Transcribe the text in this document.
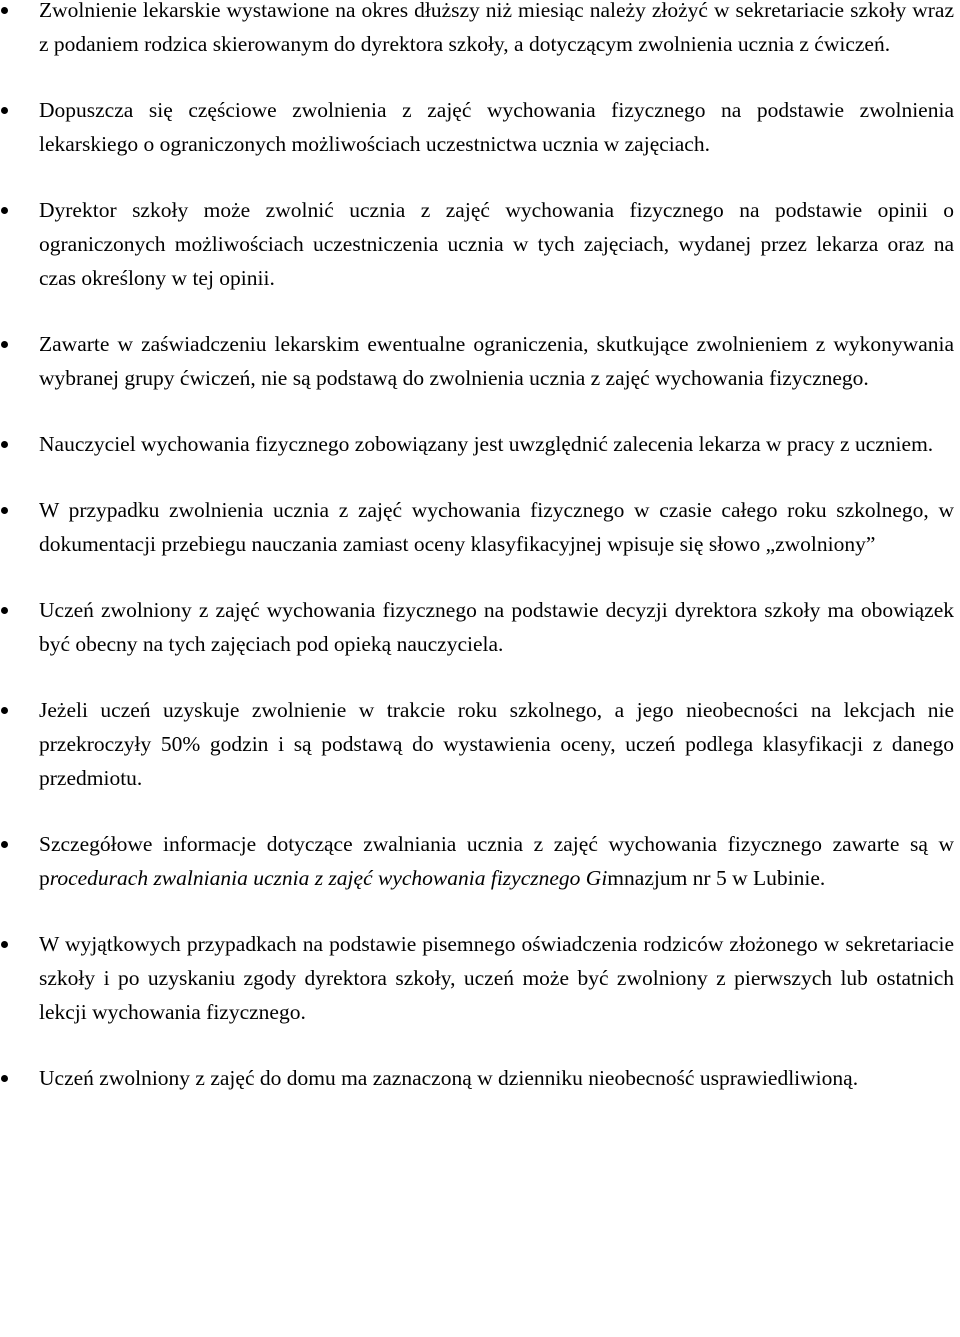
Zwolnienie lekarskie wystawione na okres dłuższy niż miesiąc należy złożyć w sekretariacie szkoły wraz z podaniem rodzica skierowanym do dyrektora szkoły, a dotyczącym zwolnienia ucznia z ćwiczeń.
Dopuszcza się częściowe zwolnienia z zajęć wychowania fizycznego na podstawie zwolnienia lekarskiego o ograniczonych możliwościach uczestnictwa ucznia w zajęciach.
Dyrektor szkoły może zwolnić ucznia z zajęć wychowania fizycznego na podstawie opinii o ograniczonych możliwościach uczestniczenia ucznia w tych zajęciach, wydanej przez lekarza oraz na czas określony w tej opinii.
Zawarte w zaświadczeniu lekarskim ewentualne ograniczenia, skutkujące zwolnieniem z wykonywania wybranej grupy ćwiczeń, nie są podstawą do zwolnienia ucznia z zajęć wychowania fizycznego.
Nauczyciel wychowania fizycznego zobowiązany jest uwzględnić zalecenia lekarza w pracy z uczniem.
W przypadku zwolnienia ucznia z zajęć wychowania fizycznego w czasie całego roku szkolnego, w dokumentacji przebiegu nauczania zamiast oceny klasyfikacyjnej wpisuje się słowo „zwolniony”
Uczeń zwolniony z zajęć wychowania fizycznego na podstawie decyzji dyrektora szkoły ma obowiązek być obecny na tych zajęciach pod opieką nauczyciela.
Jeżeli uczeń uzyskuje zwolnienie w trakcie roku szkolnego, a jego nieobecności na lekcjach nie przekroczyły 50% godzin i są podstawą do wystawienia oceny, uczeń podlega klasyfikacji z danego przedmiotu.
Szczegółowe informacje dotyczące zwalniania ucznia z zajęć wychowania fizycznego zawarte są w procedurach zwalniania ucznia z zajęć wychowania fizycznego Gimnazjum nr 5 w Lubinie.
W wyjątkowych przypadkach na podstawie pisemnego oświadczenia rodziców złożonego w sekretariacie szkoły i po uzyskaniu zgody dyrektora szkoły, uczeń może być zwolniony z pierwszych lub ostatnich lekcji wychowania fizycznego.
Uczeń zwolniony z zajęć do domu ma zaznaczoną w dzienniku nieobecność usprawiedliwioną.
